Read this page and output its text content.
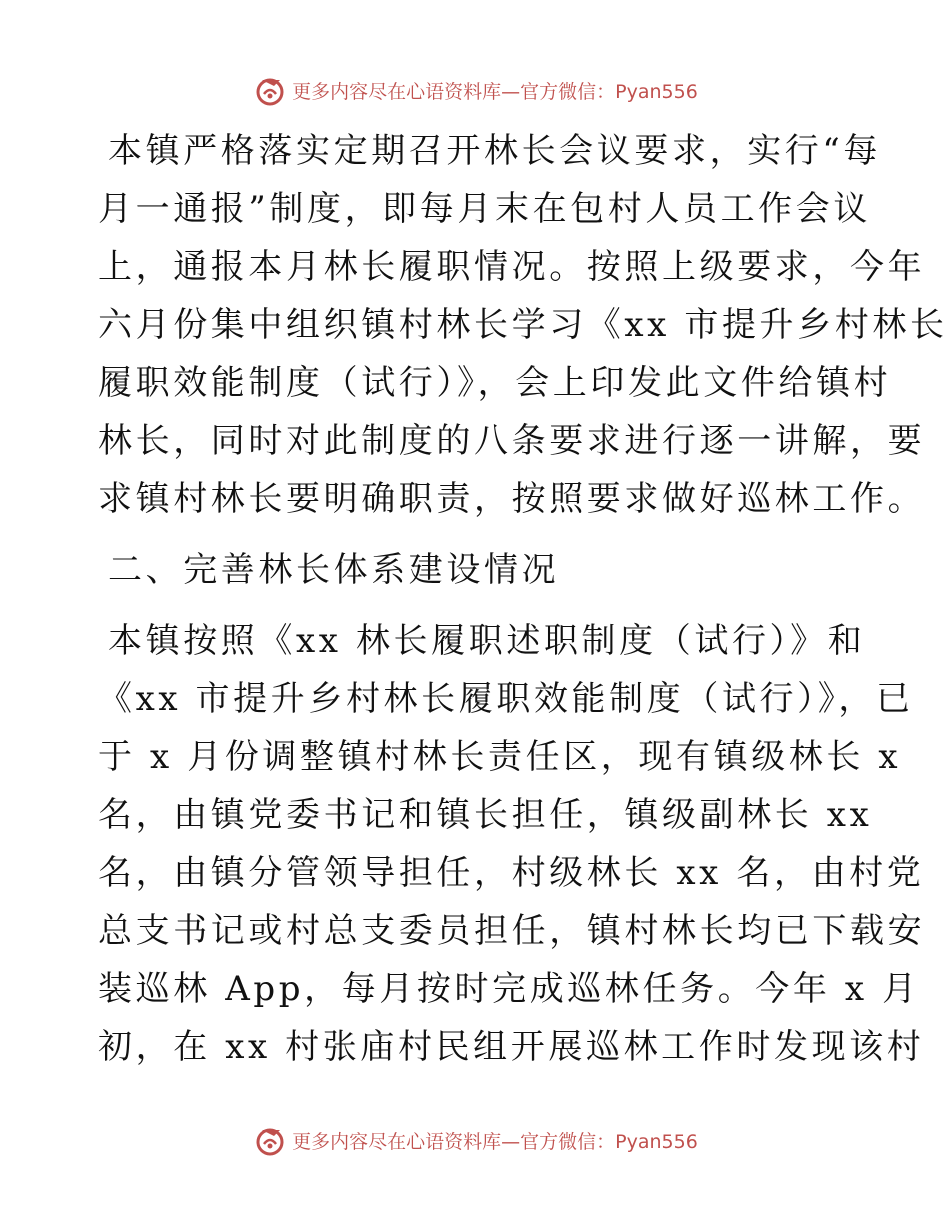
更多内容尽在心语资料库—官方微信：Pyan556
本镇严格落实定期召开林长会议要求，实行“每
月一通报”制度，即每月末在包村人员工作会议
上，通报本月林长履职情况。按照上级要求，今年
六月份集中组织镇村林长学习《xx 市提升乡村林长
履职效能制度（试行）》，会上印发此文件给镇村
林长，同时对此制度的八条要求进行逐一讲解，要
求镇村林长要明确职责，按照要求做好巡林工作。
二、完善林长体系建设情况
本镇按照《xx 林长履职述职制度（试行）》和
《xx 市提升乡村林长履职效能制度（试行）》，已
于 x 月份调整镇村林长责任区，现有镇级林长 x
名，由镇党委书记和镇长担任，镇级副林长 xx
名，由镇分管领导担任，村级林长 xx 名，由村党
总支书记或村总支委员担任，镇村林长均已下载安
装巡林 App，每月按时完成巡林任务。今年 x 月
初，在 xx 村张庙村民组开展巡林工作时发现该村
更多内容尽在心语资料库—官方微信：Pyan556
